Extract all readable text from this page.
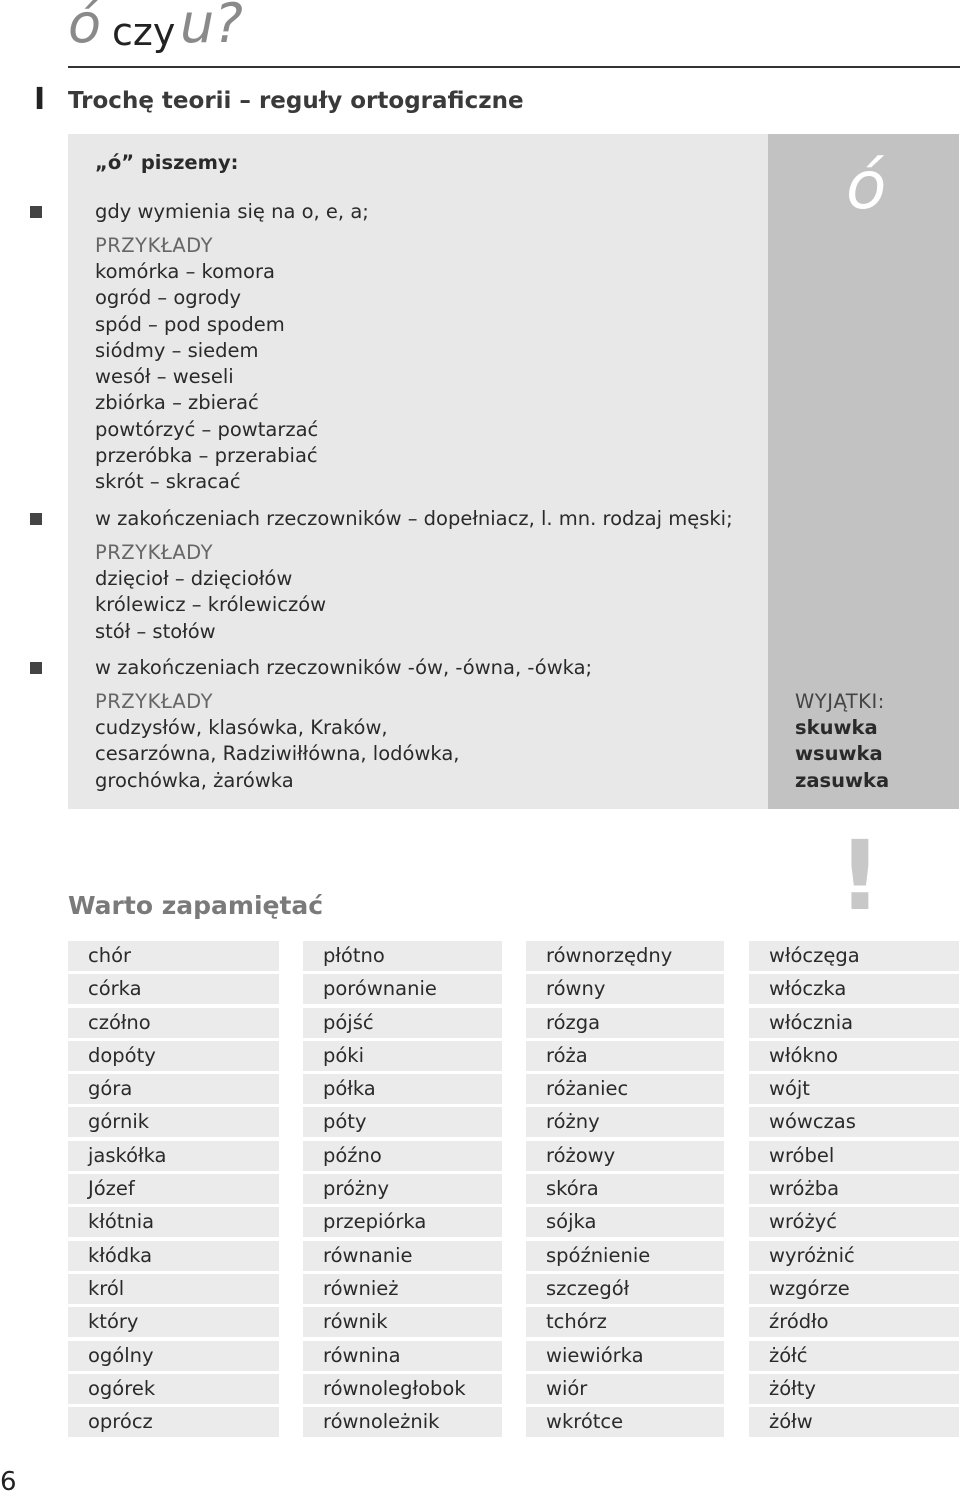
ó czy u?
I Trochę teorii – reguły ortograficzne
ó
„ó” piszemy:
gdy wymienia się na o, e, a;
PRZYKŁADY
komórka – komora
ogród – ogrody
spód – pod spodem
siódmy – siedem
wesół – weseli
zbiórka – zbierać
powtórzyć – powtarzać
przeróbka – przerabiać
skrót – skracać
w zakończeniach rzeczowników – dopełniacz, l. mn. rodzaj męski;
PRZYKŁADY
dzięcioł – dzięciołów
królewicz – królewiczów
stół – stołów
w zakończeniach rzeczowników -ów, -ówna, -ówka;
PRZYKŁADY
cudzysłów, klasówka, Kraków,
cesarzówna, Radziwiłłówna, lodówka,
grochówka, żarówka
WYJĄTKI:
skuwka
wsuwka
zasuwka
Warto zapamiętać	!
chór
córka
czółno
dopóty
góra
górnik
jaskółka
Józef
kłótnia
kłódka
król
który
ogólny
ogórek
oprócz
płótno
porównanie
pójść
póki
półka
póty
późno
próżny
przepiórka
równanie
również
równik
równina
równoległobok
równoleżnik
równorzędny
równy
rózga
róża
różaniec
różny
różowy
skóra
sójka
spóźnienie
szczegół
tchórz
wiewiórka
wiór
wkrótce
włóczęga
włóczka
włócznia
włókno
wójt
wówczas
wróbel
wróżba
wróżyć
wyróżnić
wzgórze
źródło
żółć
żółty
żółw
6
